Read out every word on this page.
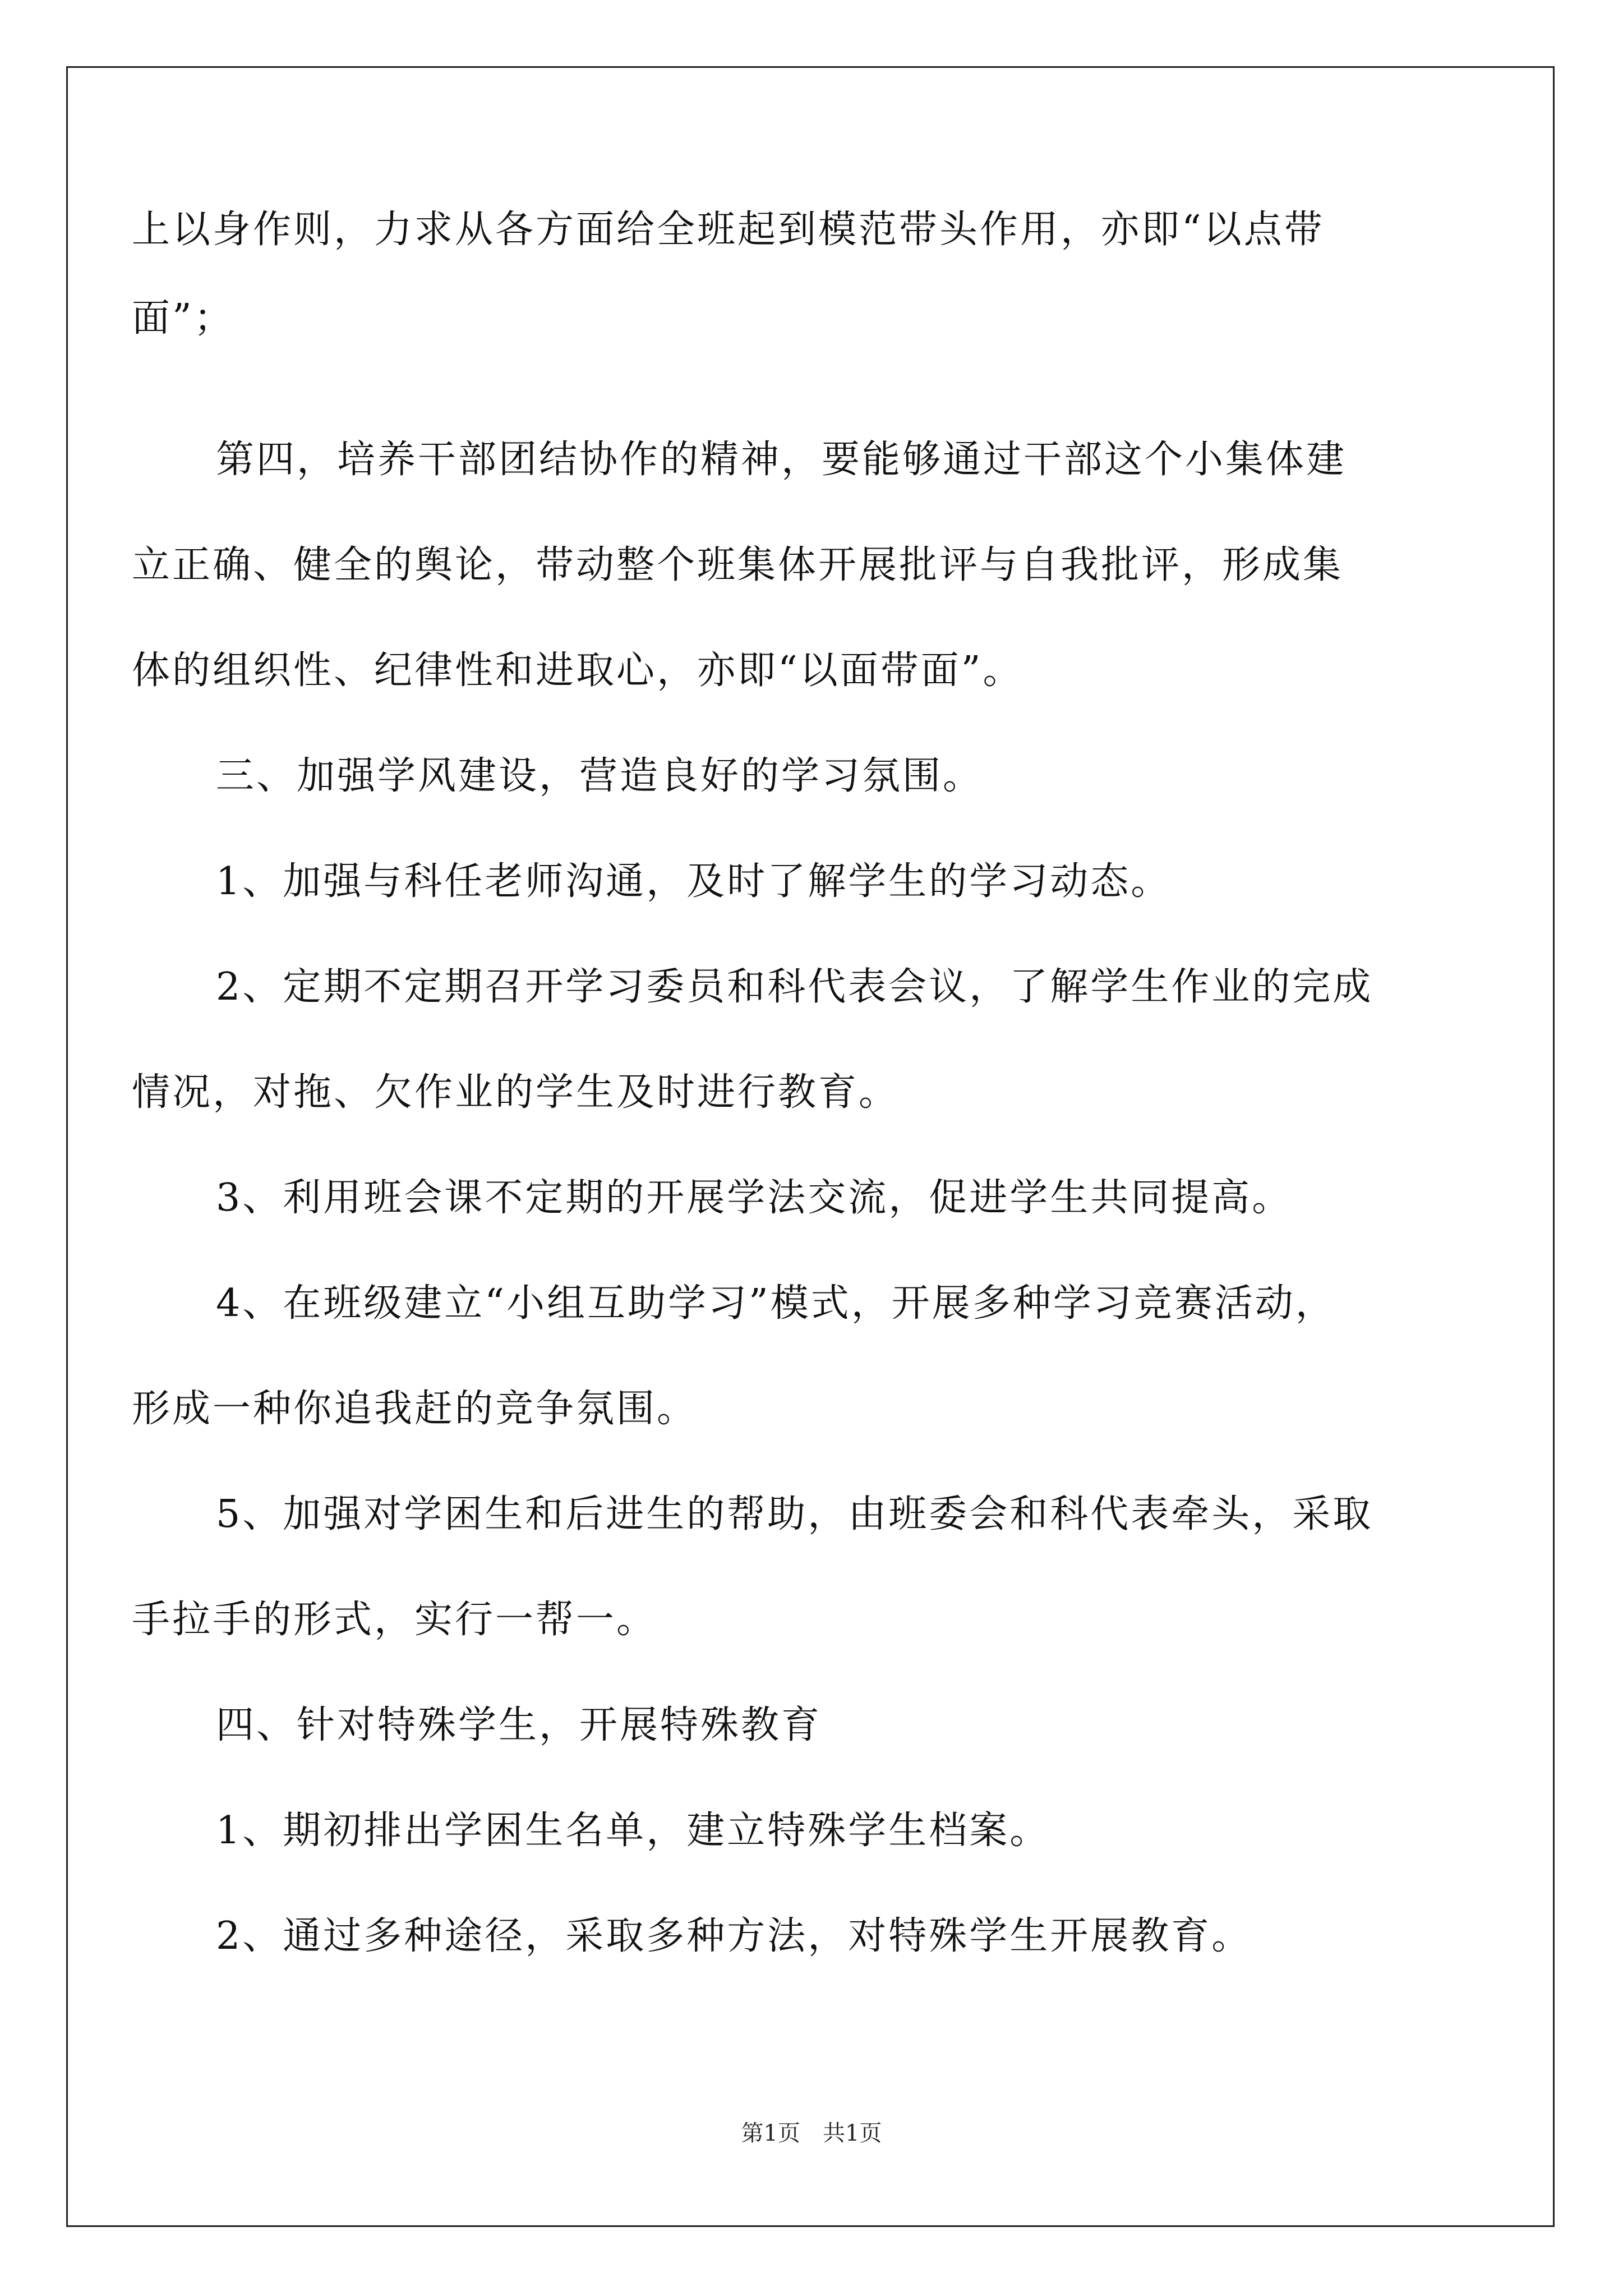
上以身作则，力求从各方面给全班起到模范带头作用，亦即“以点带
面”；
第四，培养干部团结协作的精神，要能够通过干部这个小集体建
立正确、健全的舆论，带动整个班集体开展批评与自我批评，形成集
体的组织性、纪律性和进取心，亦即“以面带面”。
三、加强学风建设，营造良好的学习氛围。
1、加强与科任老师沟通，及时了解学生的学习动态。
2、定期不定期召开学习委员和科代表会议，了解学生作业的完成
情况，对拖、欠作业的学生及时进行教育。
3、利用班会课不定期的开展学法交流，促进学生共同提高。
4、在班级建立“小组互助学习”模式，开展多种学习竞赛活动，
形成一种你追我赶的竞争氛围。
5、加强对学困生和后进生的帮助，由班委会和科代表牵头，采取
手拉手的形式，实行一帮一。
四、针对特殊学生，开展特殊教育
1、期初排出学困生名单，建立特殊学生档案。
2、通过多种途径，采取多种方法，对特殊学生开展教育。
第1页　共1页
